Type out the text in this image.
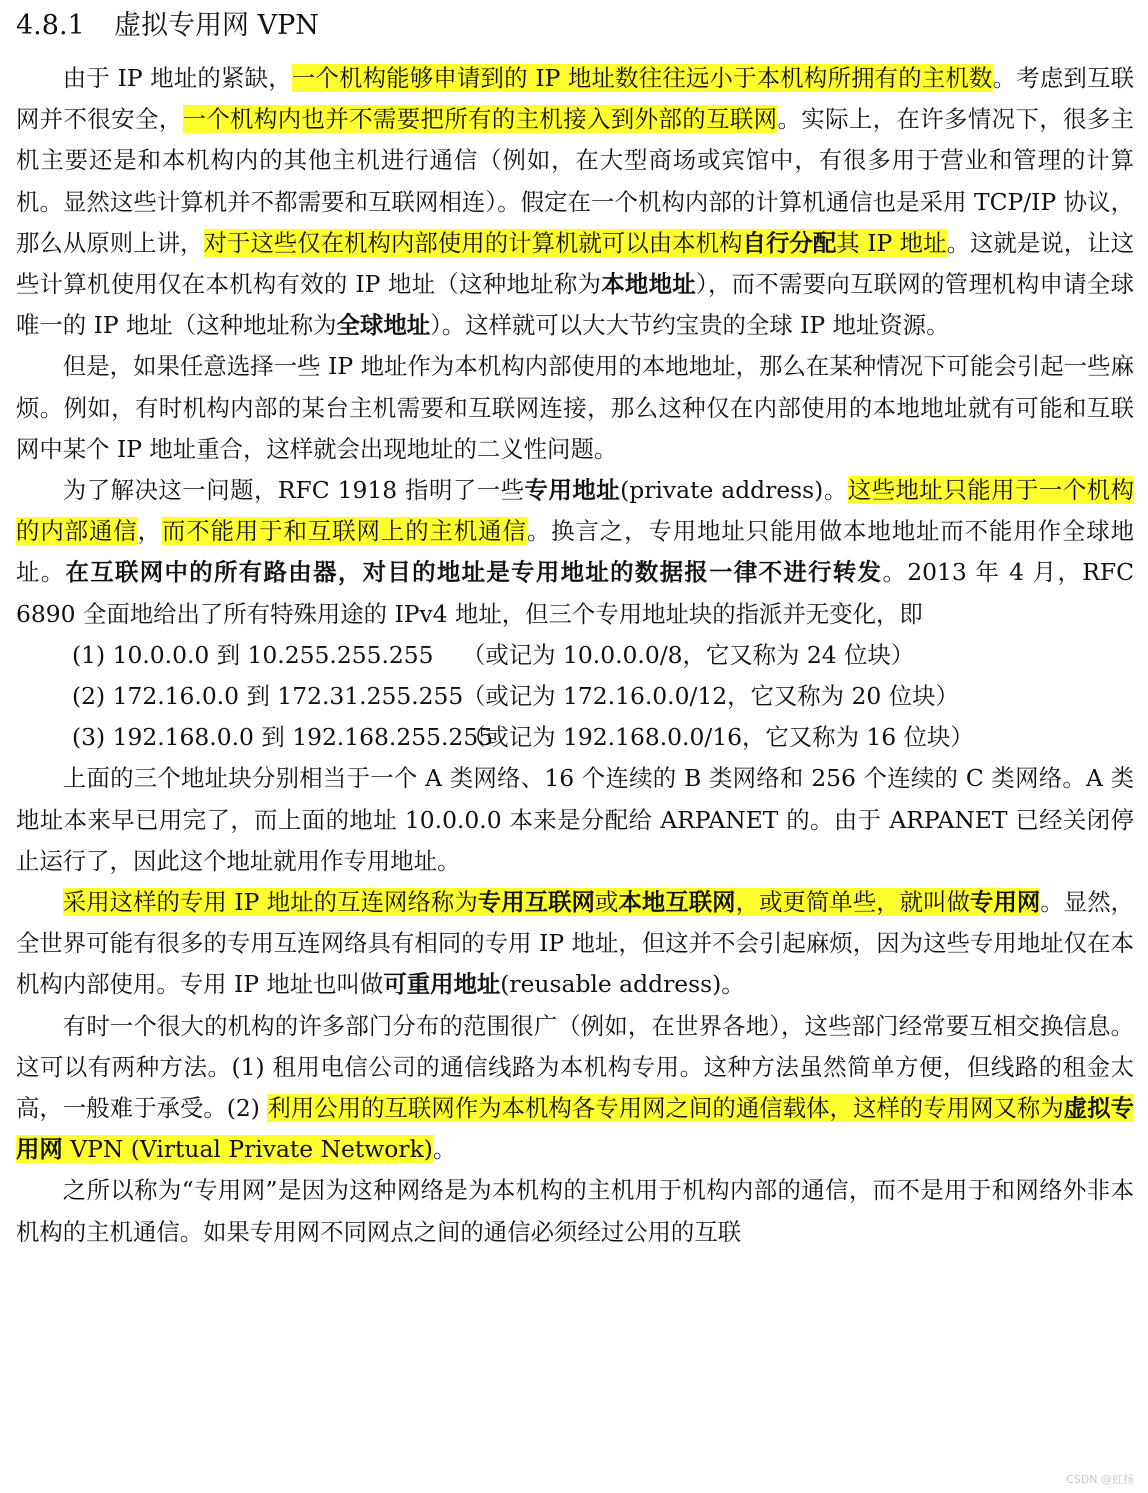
4.8.1 虚拟专用网 VPN

由于 IP 地址的紧缺，一个机构能够申请到的 IP 地址数往往远小于本机构所拥有的主机数。考虑到互联网并不很安全，一个机构内也并不需要把所有的主机接入到外部的互联网。实际上，在许多情况下，很多主机主要还是和本机构内的其他主机进行通信（例如，在大型商场或宾馆中，有很多用于营业和管理的计算机。显然这些计算机并不都需要和互联网相连）。假定在一个机构内部的计算机通信也是采用 TCP/IP 协议，那么从原则上讲，对于这些仅在机构内部使用的计算机就可以由本机构自行分配其 IP 地址。这就是说，让这些计算机使用仅在本机构有效的 IP 地址（这种地址称为本地地址），而不需要向互联网的管理机构申请全球唯一的 IP 地址（这种地址称为全球地址）。这样就可以大大节约宝贵的全球 IP 地址资源。

但是，如果任意选择一些 IP 地址作为本机构内部使用的本地地址，那么在某种情况下可能会引起一些麻烦。例如，有时机构内部的某台主机需要和互联网连接，那么这种仅在内部使用的本地地址就有可能和互联网中某个 IP 地址重合，这样就会出现地址的二义性问题。

为了解决这一问题，RFC 1918 指明了一些专用地址(private address)。这些地址只能用于一个机构的内部通信，而不能用于和互联网上的主机通信。换言之，专用地址只能用做本地地址而不能用作全球地址。在互联网中的所有路由器，对目的地址是专用地址的数据报一律不进行转发。2013 年 4 月，RFC 6890 全面地给出了所有特殊用途的 IPv4 地址，但三个专用地址块的指派并无变化，即

(1) 10.0.0.0 到 10.255.255.255 （或记为 10.0.0.0/8，它又称为 24 位块）
(2) 172.16.0.0 到 172.31.255.255（或记为 172.16.0.0/12，它又称为 20 位块）
(3) 192.168.0.0 到 192.168.255.255（或记为 192.168.0.0/16，它又称为 16 位块）

上面的三个地址块分别相当于一个 A 类网络、16 个连续的 B 类网络和 256 个连续的 C 类网络。A 类地址本来早已用完了，而上面的地址 10.0.0.0 本来是分配给 ARPANET 的。由于 ARPANET 已经关闭停止运行了，因此这个地址就用作专用地址。

采用这样的专用 IP 地址的互连网络称为专用互联网或本地互联网，或更简单些，就叫做专用网。显然，全世界可能有很多的专用互连网络具有相同的专用 IP 地址，但这并不会引起麻烦，因为这些专用地址仅在本机构内部使用。专用 IP 地址也叫做可重用地址(reusable address)。

有时一个很大的机构的许多部门分布的范围很广（例如，在世界各地），这些部门经常要互相交换信息。这可以有两种方法。(1) 租用电信公司的通信线路为本机构专用。这种方法虽然简单方便，但线路的租金太高，一般难于承受。(2) 利用公用的互联网作为本机构各专用网之间的通信载体，这样的专用网又称为虚拟专用网 VPN (Virtual Private Network)。

之所以称为“专用网”是因为这种网络是为本机构的主机用于机构内部的通信，而不是用于和网络外非本机构的主机通信。如果专用网不同网点之间的通信必须经过公用的互联

CSDN @虹扬
